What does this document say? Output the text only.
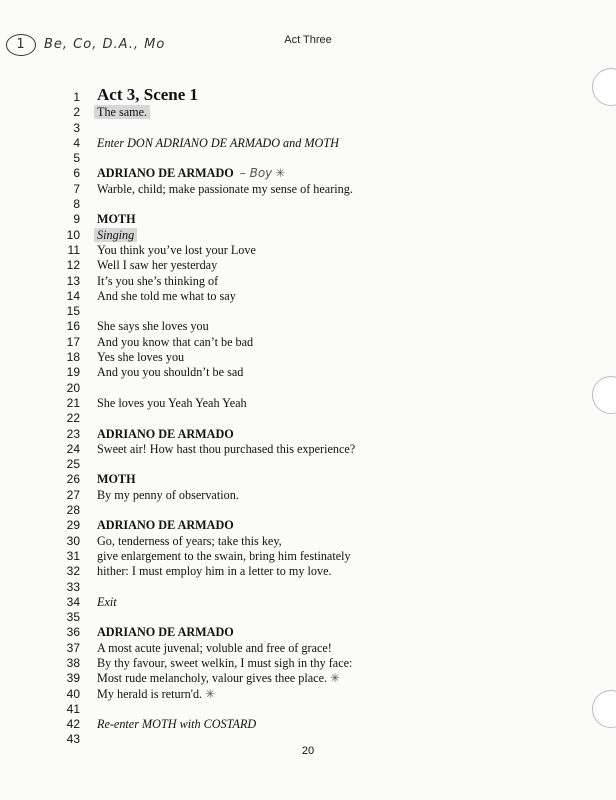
Act Three
1 Be, Co, D.A., Mo
1 Act 3, Scene 1
2 The same.
3
4 Enter DON ADRIANO DE ARMADO and MOTH
5
6 ADRIANO DE ARMADO – Boy ✳
7 Warble, child; make passionate my sense of hearing.
8
9 MOTH
10 Singing
11 You think you’ve lost your Love
12 Well I saw her yesterday
13 It’s you she’s thinking of
14 And she told me what to say
15
16 She says she loves you
17 And you know that can’t be bad
18 Yes she loves you
19 And you you shouldn’t be sad
20
21 She loves you Yeah Yeah Yeah
22
23 ADRIANO DE ARMADO
24 Sweet air! How hast thou purchased this experience?
25
26 MOTH
27 By my penny of observation.
28
29 ADRIANO DE ARMADO
30 Go, tenderness of years; take this key,
31 give enlargement to the swain, bring him festinately
32 hither: I must employ him in a letter to my love.
33
34 Exit
35
36 ADRIANO DE ARMADO
37 A most acute juvenal; voluble and free of grace!
38 By thy favour, sweet welkin, I must sigh in thy face:
39 Most rude melancholy, valour gives thee place. ✳
40 My herald is return'd. ✳
41
42 Re-enter MOTH with COSTARD
43
20
